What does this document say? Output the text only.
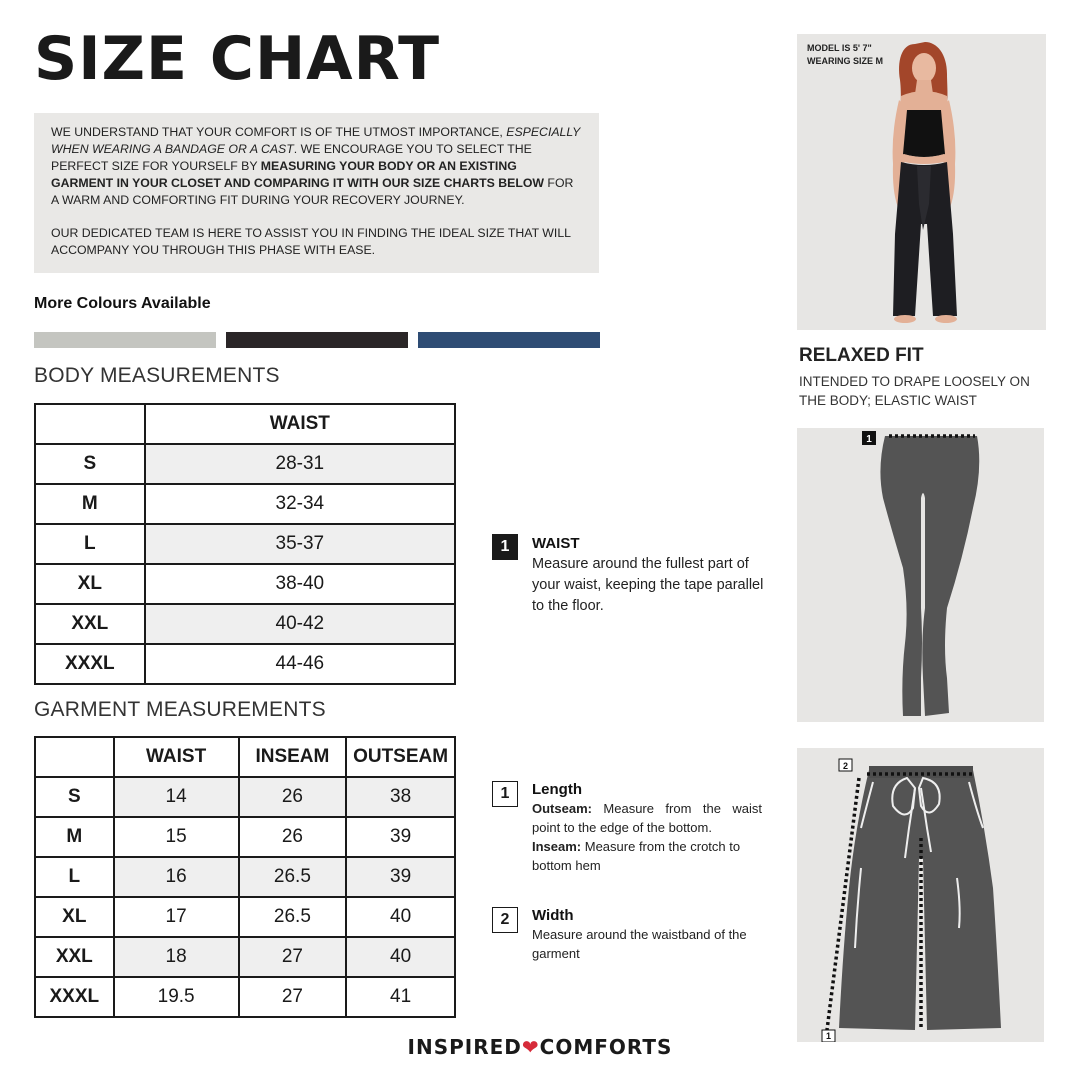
SIZE CHART

WE UNDERSTAND THAT YOUR COMFORT IS OF THE UTMOST IMPORTANCE, ESPECIALLY WHEN WEARING A BANDAGE OR A CAST. WE ENCOURAGE YOU TO SELECT THE PERFECT SIZE FOR YOURSELF BY MEASURING YOUR BODY OR AN EXISTING GARMENT IN YOUR CLOSET AND COMPARING IT WITH OUR SIZE CHARTS BELOW FOR A WARM AND COMFORTING FIT DURING YOUR RECOVERY JOURNEY.

OUR DEDICATED TEAM IS HERE TO ASSIST YOU IN FINDING THE IDEAL SIZE THAT WILL ACCOMPANY YOU THROUGH THIS PHASE WITH EASE.

More Colours Available
BODY MEASUREMENTS
	WAIST
S	28-31
M	32-34
L	35-37
XL	38-40
XXL	40-42
XXXL	44-46
GARMENT MEASUREMENTS
	WAIST	INSEAM	OUTSEAM
S	14	26	38
M	15	26	39
L	16	26.5	39
XL	17	26.5	40
XXL	18	27	40
XXXL	19.5	27	41
1	WAIST
Measure around the fullest part of your waist, keeping the tape parallel to the floor.
1	Length
Outseam: Measure from the waist point to the edge of the bottom.
Inseam: Measure from the crotch to bottom hem
2	Width
Measure around the waistband of the garment
MODEL IS 5' 7"
WEARING SIZE M
RELAXED FIT
INTENDED TO DRAPE LOOSELY ON THE BODY; ELASTIC WAIST
1
2
1
INSPIRED❤COMFORTS
